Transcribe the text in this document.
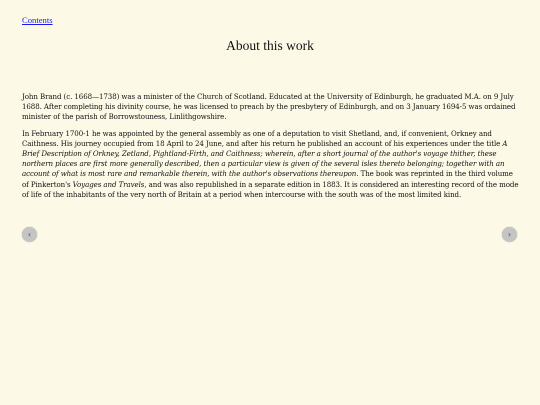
Contents
About this work

John Brand (c. 1668—1738) was a minister of the Church of Scotland. Educated at the University of Edinburgh, he graduated M.A. on 9 July 1688. After completing his divinity course, he was licensed to preach by the presbytery of Edinburgh, and on 3 January 1694-5 was ordained minister of the parish of Borrowstouness, Linlithgowshire.

In February 1700-1 he was appointed by the general assembly as one of a deputation to visit Shetland, and, if convenient, Orkney and Caithness. His journey occupied from 18 April to 24 June, and after his return he published an account of his experiences under the title A Brief Description of Orkney, Zetland, Pightland-Firth, and Caithness; wherein, after a short journal of the author's voyage thither, these northern places are first more generally described, then a particular view is given of the several isles thereto belonging; together with an account of what is most rare and remarkable therein, with the author's observations thereupon. The book was reprinted in the third volume of Pinkerton's Voyages and Travels, and was also republished in a separate edition in 1883. It is considered an interesting record of the mode of life of the inhabitants of the very north of Britain at a period when intercourse with the south was of the most limited kind.

‹	›
